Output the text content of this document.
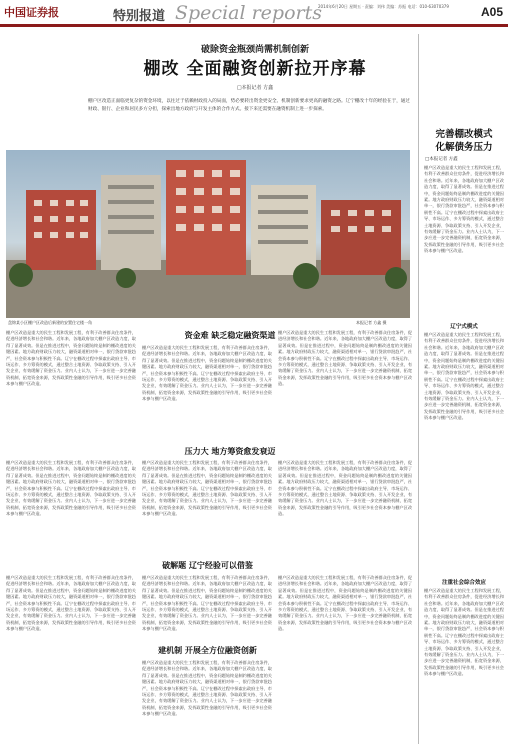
中国证券报	特别报道 Special reports
2014年6月20日 星期五 · 责编：刘伟 美编：苏振 电话：010-63070379	A05
破除资金瓶颈尚需机制创新
棚改 全面融资创新拉开序幕
□本报记者 方鑫
棚户区改造正面临更复杂的资金环境，以往过于依赖财政投入的局面，势必要转出资金更安全、机制创新要求更高的融资之路。辽宁棚改十年的经验在于，通过财政、银行、企业和居民多方分担，探索出地方政府与开发主体的合作方式。接下来还需要在融资机制上进一步探索。
盘锦某小区棚户区改造后新建的安置住宅楼一角	本报记者 方鑫 摄
完善棚改模式
化解债务压力
□本报记者 方鑫
棚户区改造是重大的民生工程和发展工程，有利于改善群众住房条件，促进经济增长和社会和谐。近年来，各地政府加大棚户区改造力度，取得了显著成效。但是在推进过程中，资金问题始终是制约棚改进度的关键因素。地方政府财政压力较大，融资渠道相对单一，银行贷款审批趋严，社会资本参与积极性不高。辽宁在棚改过程中探索出政府主导、市场运作、多方筹资的模式，通过整合土地资源、争取政策支持、引入开发企业，有效缓解了资金压力。业内人士认为，下一步应进一步完善融资机制，拓宽资金来源，发挥政策性金融的引导作用，吸引更多社会资本参与棚户区改造。
辽宁式模式
棚户区改造是重大的民生工程和发展工程，有利于改善群众住房条件，促进经济增长和社会和谐。近年来，各地政府加大棚户区改造力度，取得了显著成效。但是在推进过程中，资金问题始终是制约棚改进度的关键因素。地方政府财政压力较大，融资渠道相对单一，银行贷款审批趋严，社会资本参与积极性不高。辽宁在棚改过程中探索出政府主导、市场运作、多方筹资的模式，通过整合土地资源、争取政策支持、引入开发企业，有效缓解了资金压力。业内人士认为，下一步应进一步完善融资机制，拓宽资金来源，发挥政策性金融的引导作用，吸引更多社会资本参与棚户区改造。
注重社会综合效应
棚户区改造是重大的民生工程和发展工程，有利于改善群众住房条件，促进经济增长和社会和谐。近年来，各地政府加大棚户区改造力度，取得了显著成效。但是在推进过程中，资金问题始终是制约棚改进度的关键因素。地方政府财政压力较大，融资渠道相对单一，银行贷款审批趋严，社会资本参与积极性不高。辽宁在棚改过程中探索出政府主导、市场运作、多方筹资的模式，通过整合土地资源、争取政策支持、引入开发企业，有效缓解了资金压力。业内人士认为，下一步应进一步完善融资机制，拓宽资金来源，发挥政策性金融的引导作用，吸引更多社会资本参与棚户区改造。
资金难 缺乏稳定融资渠道
棚户区改造是重大的民生工程和发展工程，有利于改善群众住房条件，促进经济增长和社会和谐。近年来，各地政府加大棚户区改造力度，取得了显著成效。但是在推进过程中，资金问题始终是制约棚改进度的关键因素。地方政府财政压力较大，融资渠道相对单一，银行贷款审批趋严，社会资本参与积极性不高。辽宁在棚改过程中探索出政府主导、市场运作、多方筹资的模式，通过整合土地资源、争取政策支持、引入开发企业，有效缓解了资金压力。业内人士认为，下一步应进一步完善融资机制，拓宽资金来源，发挥政策性金融的引导作用，吸引更多社会资本参与棚户区改造。
棚户区改造是重大的民生工程和发展工程，有利于改善群众住房条件，促进经济增长和社会和谐。近年来，各地政府加大棚户区改造力度，取得了显著成效。但是在推进过程中，资金问题始终是制约棚改进度的关键因素。地方政府财政压力较大，融资渠道相对单一，银行贷款审批趋严，社会资本参与积极性不高。辽宁在棚改过程中探索出政府主导、市场运作、多方筹资的模式，通过整合土地资源、争取政策支持、引入开发企业，有效缓解了资金压力。业内人士认为，下一步应进一步完善融资机制，拓宽资金来源，发挥政策性金融的引导作用，吸引更多社会资本参与棚户区改造。
棚户区改造是重大的民生工程和发展工程，有利于改善群众住房条件，促进经济增长和社会和谐。近年来，各地政府加大棚户区改造力度，取得了显著成效。但是在推进过程中，资金问题始终是制约棚改进度的关键因素。地方政府财政压力较大，融资渠道相对单一，银行贷款审批趋严，社会资本参与积极性不高。辽宁在棚改过程中探索出政府主导、市场运作、多方筹资的模式，通过整合土地资源、争取政策支持、引入开发企业，有效缓解了资金压力。业内人士认为，下一步应进一步完善融资机制，拓宽资金来源，发挥政策性金融的引导作用，吸引更多社会资本参与棚户区改造。
压力大 地方筹资愈发衰迈
棚户区改造是重大的民生工程和发展工程，有利于改善群众住房条件，促进经济增长和社会和谐。近年来，各地政府加大棚户区改造力度，取得了显著成效。但是在推进过程中，资金问题始终是制约棚改进度的关键因素。地方政府财政压力较大，融资渠道相对单一，银行贷款审批趋严，社会资本参与积极性不高。辽宁在棚改过程中探索出政府主导、市场运作、多方筹资的模式，通过整合土地资源、争取政策支持、引入开发企业，有效缓解了资金压力。业内人士认为，下一步应进一步完善融资机制，拓宽资金来源，发挥政策性金融的引导作用，吸引更多社会资本参与棚户区改造。
棚户区改造是重大的民生工程和发展工程，有利于改善群众住房条件，促进经济增长和社会和谐。近年来，各地政府加大棚户区改造力度，取得了显著成效。但是在推进过程中，资金问题始终是制约棚改进度的关键因素。地方政府财政压力较大，融资渠道相对单一，银行贷款审批趋严，社会资本参与积极性不高。辽宁在棚改过程中探索出政府主导、市场运作、多方筹资的模式，通过整合土地资源、争取政策支持、引入开发企业，有效缓解了资金压力。业内人士认为，下一步应进一步完善融资机制，拓宽资金来源，发挥政策性金融的引导作用，吸引更多社会资本参与棚户区改造。
棚户区改造是重大的民生工程和发展工程，有利于改善群众住房条件，促进经济增长和社会和谐。近年来，各地政府加大棚户区改造力度，取得了显著成效。但是在推进过程中，资金问题始终是制约棚改进度的关键因素。地方政府财政压力较大，融资渠道相对单一，银行贷款审批趋严，社会资本参与积极性不高。辽宁在棚改过程中探索出政府主导、市场运作、多方筹资的模式，通过整合土地资源、争取政策支持、引入开发企业，有效缓解了资金压力。业内人士认为，下一步应进一步完善融资机制，拓宽资金来源，发挥政策性金融的引导作用，吸引更多社会资本参与棚户区改造。
破解题 辽宁经验可以借鉴
棚户区改造是重大的民生工程和发展工程，有利于改善群众住房条件，促进经济增长和社会和谐。近年来，各地政府加大棚户区改造力度，取得了显著成效。但是在推进过程中，资金问题始终是制约棚改进度的关键因素。地方政府财政压力较大，融资渠道相对单一，银行贷款审批趋严，社会资本参与积极性不高。辽宁在棚改过程中探索出政府主导、市场运作、多方筹资的模式，通过整合土地资源、争取政策支持、引入开发企业，有效缓解了资金压力。业内人士认为，下一步应进一步完善融资机制，拓宽资金来源，发挥政策性金融的引导作用，吸引更多社会资本参与棚户区改造。
棚户区改造是重大的民生工程和发展工程，有利于改善群众住房条件，促进经济增长和社会和谐。近年来，各地政府加大棚户区改造力度，取得了显著成效。但是在推进过程中，资金问题始终是制约棚改进度的关键因素。地方政府财政压力较大，融资渠道相对单一，银行贷款审批趋严，社会资本参与积极性不高。辽宁在棚改过程中探索出政府主导、市场运作、多方筹资的模式，通过整合土地资源、争取政策支持、引入开发企业，有效缓解了资金压力。业内人士认为，下一步应进一步完善融资机制，拓宽资金来源，发挥政策性金融的引导作用，吸引更多社会资本参与棚户区改造。
棚户区改造是重大的民生工程和发展工程，有利于改善群众住房条件，促进经济增长和社会和谐。近年来，各地政府加大棚户区改造力度，取得了显著成效。但是在推进过程中，资金问题始终是制约棚改进度的关键因素。地方政府财政压力较大，融资渠道相对单一，银行贷款审批趋严，社会资本参与积极性不高。辽宁在棚改过程中探索出政府主导、市场运作、多方筹资的模式，通过整合土地资源、争取政策支持、引入开发企业，有效缓解了资金压力。业内人士认为，下一步应进一步完善融资机制，拓宽资金来源，发挥政策性金融的引导作用，吸引更多社会资本参与棚户区改造。
建机制 开展全方位融资创新
棚户区改造是重大的民生工程和发展工程，有利于改善群众住房条件，促进经济增长和社会和谐。近年来，各地政府加大棚户区改造力度，取得了显著成效。但是在推进过程中，资金问题始终是制约棚改进度的关键因素。地方政府财政压力较大，融资渠道相对单一，银行贷款审批趋严，社会资本参与积极性不高。辽宁在棚改过程中探索出政府主导、市场运作、多方筹资的模式，通过整合土地资源、争取政策支持、引入开发企业，有效缓解了资金压力。业内人士认为，下一步应进一步完善融资机制，拓宽资金来源，发挥政策性金融的引导作用，吸引更多社会资本参与棚户区改造。
